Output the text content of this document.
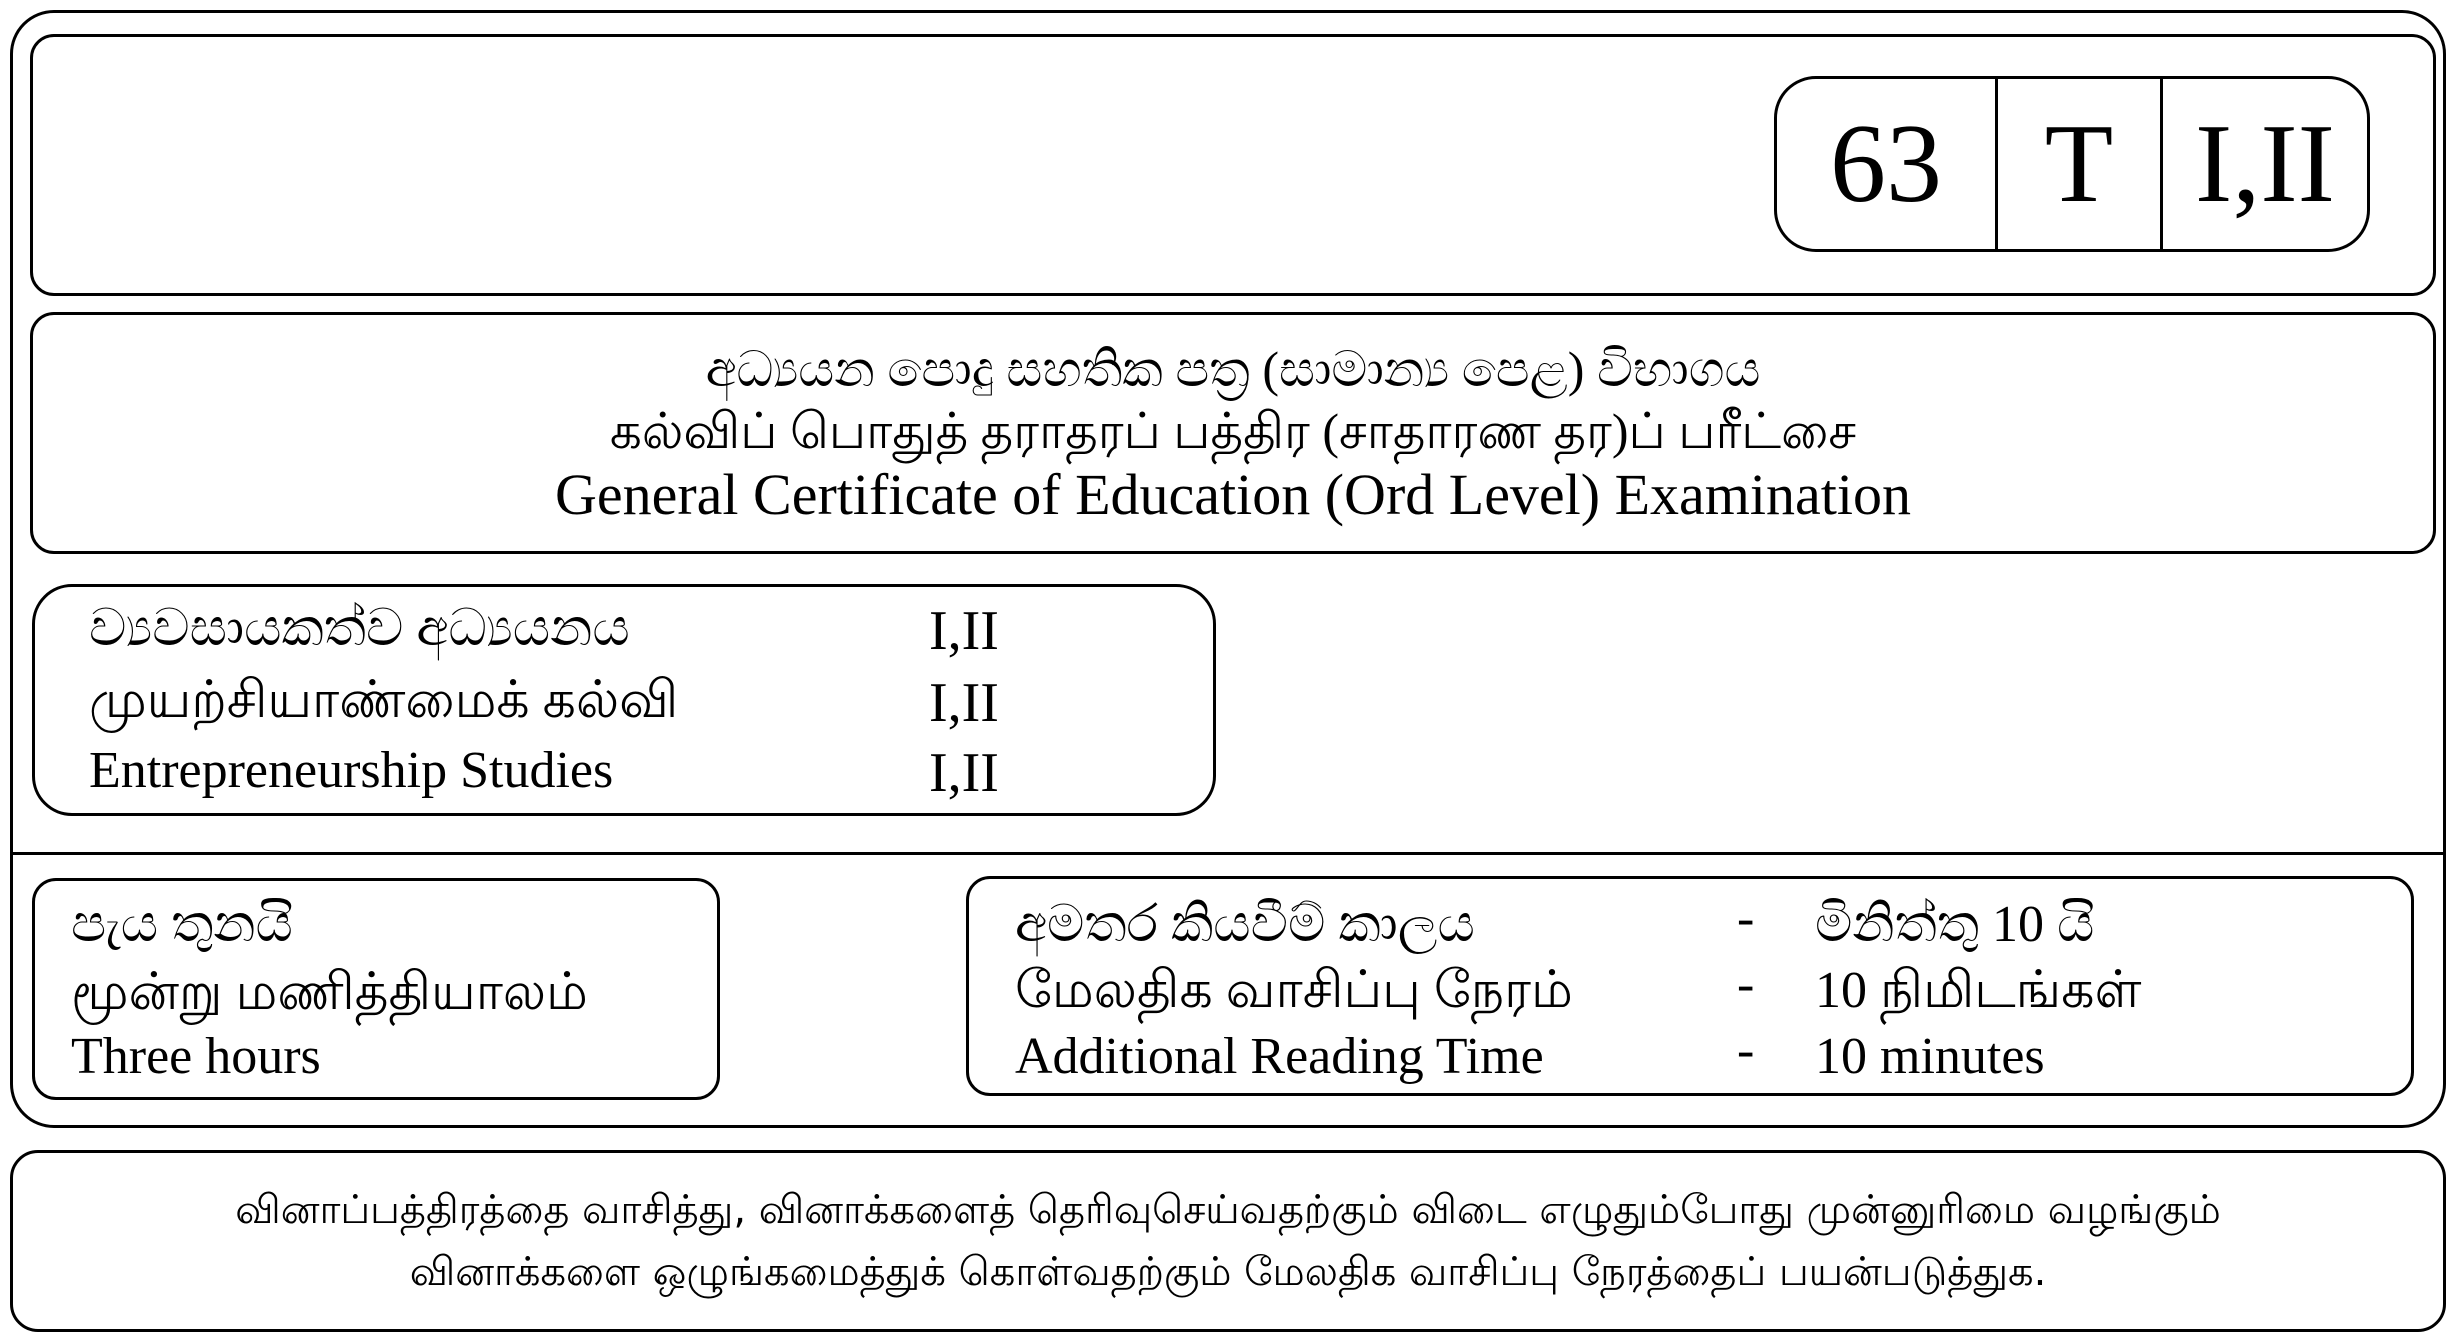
63 T I,II
අධ්‍යයන පොදු සහතික පත්‍ර (සාමාන්‍ය පෙළ) විභාගය
கல்விப் பொதுத் தராதரப் பத்திர (சாதாரண தர)ப் பரீட்சை
General Certificate of Education (Ord Level) Examination
ව්‍යවසායකත්ව අධ්‍යයනය	I,II
முயற்சியாண்மைக் கல்வி	I,II
Entrepreneurship Studies	I,II
පැය තුනයි
மூன்று மணித்தியாலம்
Three hours
අමතර කියවීම් කාලය	- මිනිත්තු 10 යි
மேலதிக வாசிப்பு நேரம்	- 10 நிமிடங்கள்
Additional Reading Time	- 10 minutes
வினாப்பத்திரத்தை வாசித்து, வினாக்களைத் தெரிவுசெய்வதற்கும் விடை எழுதும்போது முன்னுரிமை வழங்கும்
வினாக்களை ஒழுங்கமைத்துக் கொள்வதற்கும் மேலதிக வாசிப்பு நேரத்தைப் பயன்படுத்துக.
